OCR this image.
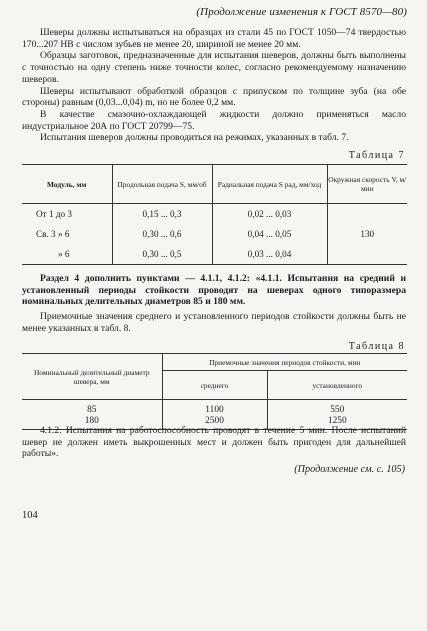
(Продолжение изменения к ГОСТ 8570—80)

Шеверы должны испытываться на образцах из стали 45 по ГОСТ 1050—74 твердостью 170...207 НВ с числом зубьев не менее 20, шириной не менее 20 мм.

Образцы заготовок, предназначенные для испытания шеверов, должны быть выполнены с точностью на одну степень ниже точности колес, согласно рекомендуемому назначению шеверов.

Шеверы испытывают обработкой образцов с припуском по толщине зуба (на обе стороны) равным (0,03...0,04) m, но не более 0,2 мм.

В качестве смазочно-охлаждающей жидкости должно применяться масло индустриальное 20А по ГОСТ 20799—75.

Испытания шеверов должны проводиться на режимах, указанных в табл. 7.

Таблица 7
Модуль, мм	Продольная подача S, мм/об	Радиальная подача S рад, мм/ход	Окружная скорость V, м/мин
От 1 до 3	0,15 ... 0,3	0,02 ... 0,03	130
Св. 3 » 6	0,30 ... 0,6	0,04 ... 0,05	
» 6	0,30 ... 0,5	0,03 ... 0,04	

Раздел 4 дополнить пунктами — 4.1.1, 4.1.2: «4.1.1. Испытания на средний и установленный периоды стойкости проводят на шеверах одного типоразмера номинальных делительных диаметров 85 и 180 мм.

Приемочные значения среднего и установленного периодов стойкости должны быть не менее указанных в табл. 8.

Таблица 8
Номинальный делительный диаметр шевера, мм	Приемочные значения периодов стойкости, мин	
	среднего	установленного
85	1100	550
180	2500	1250

4.1.2. Испытания на работоспособность проводят в течение 5 мин. После испытаний шевер не должен иметь выкрошенных мест и должен быть пригоден для дальнейшей работы».

(Продолжение см. с. 105)
104
